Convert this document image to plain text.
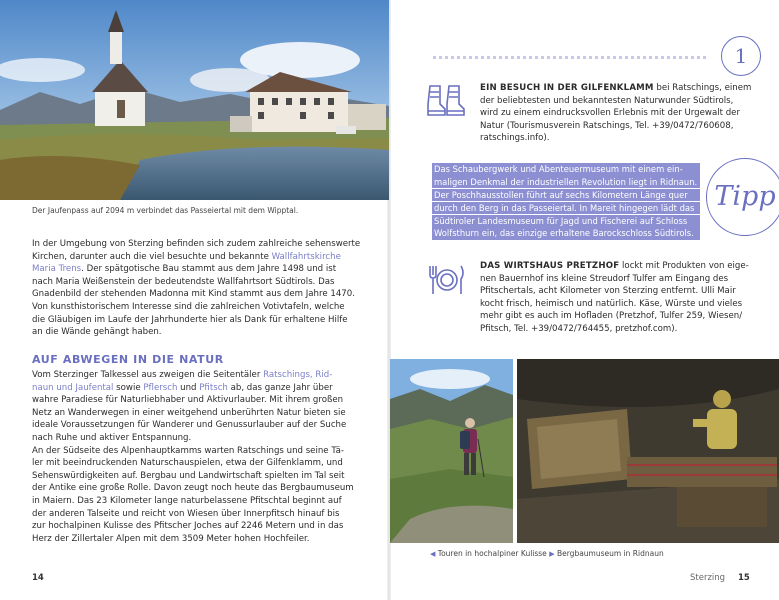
Der Jaufenpass auf 2094 m verbindet das Passeiertal mit dem Wipptal.
In der Umgebung von Sterzing befinden sich zudem zahlreiche sehenswerte
Kirchen, darunter auch die viel besuchte und bekannte Wallfahrtskirche
Maria Trens. Der spätgotische Bau stammt aus dem Jahre 1498 und ist
nach Maria Weißenstein der bedeutendste Wallfahrtsort Südtirols. Das
Gnadenbild der stehenden Madonna mit Kind stammt aus dem Jahre 1470.
Von kunsthistorischem Interesse sind die zahlreichen Votivtafeln, welche
die Gläubigen im Laufe der Jahrhunderte hier als Dank für erhaltene Hilfe
an die Wände gehängt haben.
AUF ABWEGEN IN DIE NATUR
Vom Sterzinger Talkessel aus zweigen die Seitentäler Ratschings, Rid-
naun und Jaufental sowie Pflersch und Pfitsch ab, das ganze Jahr über
wahre Paradiese für Naturliebhaber und Aktivurlauber. Mit ihrem großen
Netz an Wanderwegen in einer weitgehend unberührten Natur bieten sie
ideale Voraussetzungen für Wanderer und Genussurlauber auf der Suche
nach Ruhe und aktiver Entspannung.
An der Südseite des Alpenhauptkamms warten Ratschings und seine Tä-
ler mit beeindruckenden Naturschauspielen, etwa der Gilfenklamm, und
Sehenswürdigkeiten auf. Bergbau und Landwirtschaft spielten im Tal seit
der Antike eine große Rolle. Davon zeugt noch heute das Bergbaumuseum
in Maiern. Das 23 Kilometer lange naturbelassene Pfitschtal beginnt auf
der anderen Talseite und reicht von Wiesen über Innerpfitsch hinauf bis
zur hochalpinen Kulisse des Pfitscher Joches auf 2246 Metern und in das
Herz der Zillertaler Alpen mit dem 3509 Meter hohen Hochfeiler.
14
1
EIN BESUCH IN DER GILFENKLAMM bei Ratschings, einem
der beliebtesten und bekanntesten Naturwunder Südtirols,
wird zu einem eindrucksvollen Erlebnis mit der Urgewalt der
Natur (Tourismusverein Ratschings, Tel. +39/0472/760608,
ratschings.info).
Das Schaubergwerk und Abenteuermuseum mit einem ein-
maligen Denkmal der industriellen Revolution liegt in Ridnaun.
Der Poschhausstollen führt auf sechs Kilometern Länge quer
durch den Berg in das Passeiertal. In Mareit hingegen lädt das
Südtiroler Landesmuseum für Jagd und Fischerei auf Schloss
Wolfsthurn ein, das einzige erhaltene Barockschloss Südtirols.
Tipp
DAS WIRTSHAUS PRETZHOF lockt mit Produkten von eige-
nen Bauernhof ins kleine Streudorf Tulfer am Eingang des
Pfitschertals, acht Kilometer von Sterzing entfernt. Ulli Mair
kocht frisch, heimisch und natürlich. Käse, Würste und vieles
mehr gibt es auch im Hofladen (Pretzhof, Tulfer 259, Wiesen/
Pfitsch, Tel. +39/0472/764455, pretzhof.com).
◀ Touren in hochalpiner Kulisse ▶ Bergbaumuseum in Ridnaun
Sterzing 15
